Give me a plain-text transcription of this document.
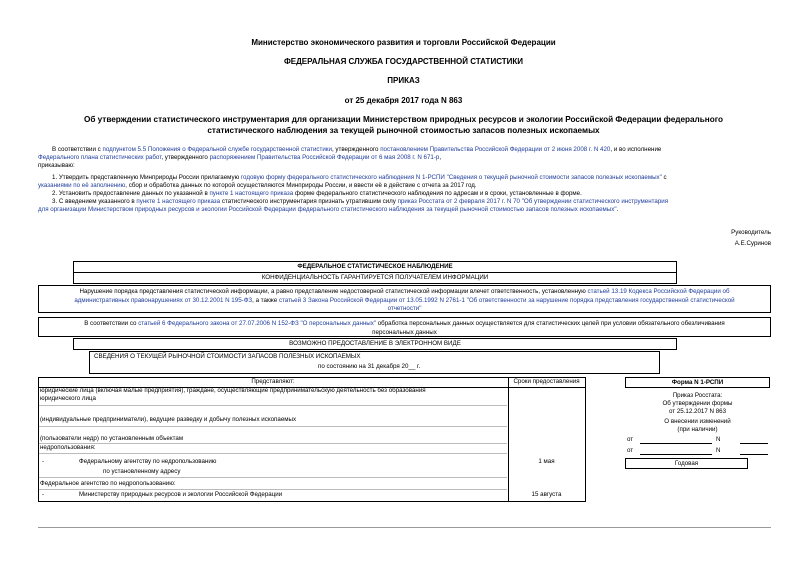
Министерство экономического развития и торговли Российской Федерации
ФЕДЕРАЛЬНАЯ СЛУЖБА ГОСУДАРСТВЕННОЙ СТАТИСТИКИ
ПРИКАЗ
от 25 декабря 2017 года N 863
Об утверждении статистического инструментария для организации Министерством природных ресурсов и экологии Российской Федерации федерального
статистического наблюдения за текущей рыночной стоимостью запасов полезных ископаемых

В соответствии с подпунктом 5.5 Положения о Федеральной службе государственной статистики, утвержденного постановлением Правительства Российской Федерации от 2 июня 2008 г. N 420, и во исполнение

Федерального плана статистических работ, утвержденного распоряжением Правительства Российской Федерации от 6 мая 2008 г. N 671-р,

приказываю:

1. Утвердить представленную Минприроды России прилагаемую годовую форму федерального статистического наблюдения N 1-РСПИ "Сведения о текущей рыночной стоимости запасов полезных ископаемых" с

указаниями по её заполнению, сбор и обработка данных по которой осуществляются Минприроды России, и ввести её в действие с отчета за 2017 год.

2. Установить предоставление данных по указанной в пункте 1 настоящего приказа форме федерального статистического наблюдения по адресам и в сроки, установленные в форме.

3. С введением указанного в пункте 1 настоящего приказа статистического инструментария признать утратившим силу приказ Росстата от 2 февраля 2017 г. N 70 "Об утверждении статистического инструментария

для организации Министерством природных ресурсов и экологии Российской Федерации федерального статистического наблюдения за текущей рыночной стоимостью запасов полезных ископаемых".

Руководитель
А.Е.Суринов
ФЕДЕРАЛЬНОЕ СТАТИСТИЧЕСКОЕ НАБЛЮДЕНИЕ
КОНФИДЕНЦИАЛЬНОСТЬ ГАРАНТИРУЕТСЯ ПОЛУЧАТЕЛЕМ ИНФОРМАЦИИ

Нарушение порядка представления статистической информации, а равно представление недостоверной статистической информации влечет ответственность, установленную статьей 13.19 Кодекса Российской Федерации об

административных правонарушениях от 30.12.2001 N 195-ФЗ, а также статьей 3 Закона Российской Федерации от 13.05.1992 N 2761-1 "Об ответственности за нарушение порядка представления государственной статистической

отчетности"

В соответствии со статьей 6 Федерального закона от 27.07.2006 N 152-ФЗ "О персональных данных" обработка персональных данных осуществляется для статистических целей при условии обязательного обезличивания

персональных данных

ВОЗМОЖНО ПРЕДОСТАВЛЕНИЕ В ЭЛЕКТРОННОМ ВИДЕ
СВЕДЕНИЯ О ТЕКУЩЕЙ РЫНОЧНОЙ СТОИМОСТИ ЗАПАСОВ ПОЛЕЗНЫХ ИСКОПАЕМЫХ
по состоянию на 31 декабря 20__ г.
Представляют:	Сроки предоставления
юридические лица (включая малые предприятия), граждане, осуществляющие предпринимательскую деятельность без образования
юридического лица
(индивидуальные предприниматели), ведущие разведку и добычу полезных ископаемых
(пользователи недр) по установленным объектам
недропользования:
-	Федеральному агентству по недропользованию	1 мая
по установленному адресу
Федеральное агентство по недропользованию:
-	Министерству природных ресурсов и экологии Российской Федерации	15 августа
Форма N 1-РСПИ
Приказ Росстата:
Об утверждении формы
от 25.12.2017 N 863
О внесении изменений
(при наличии)
от	N
от	N
Годовая
